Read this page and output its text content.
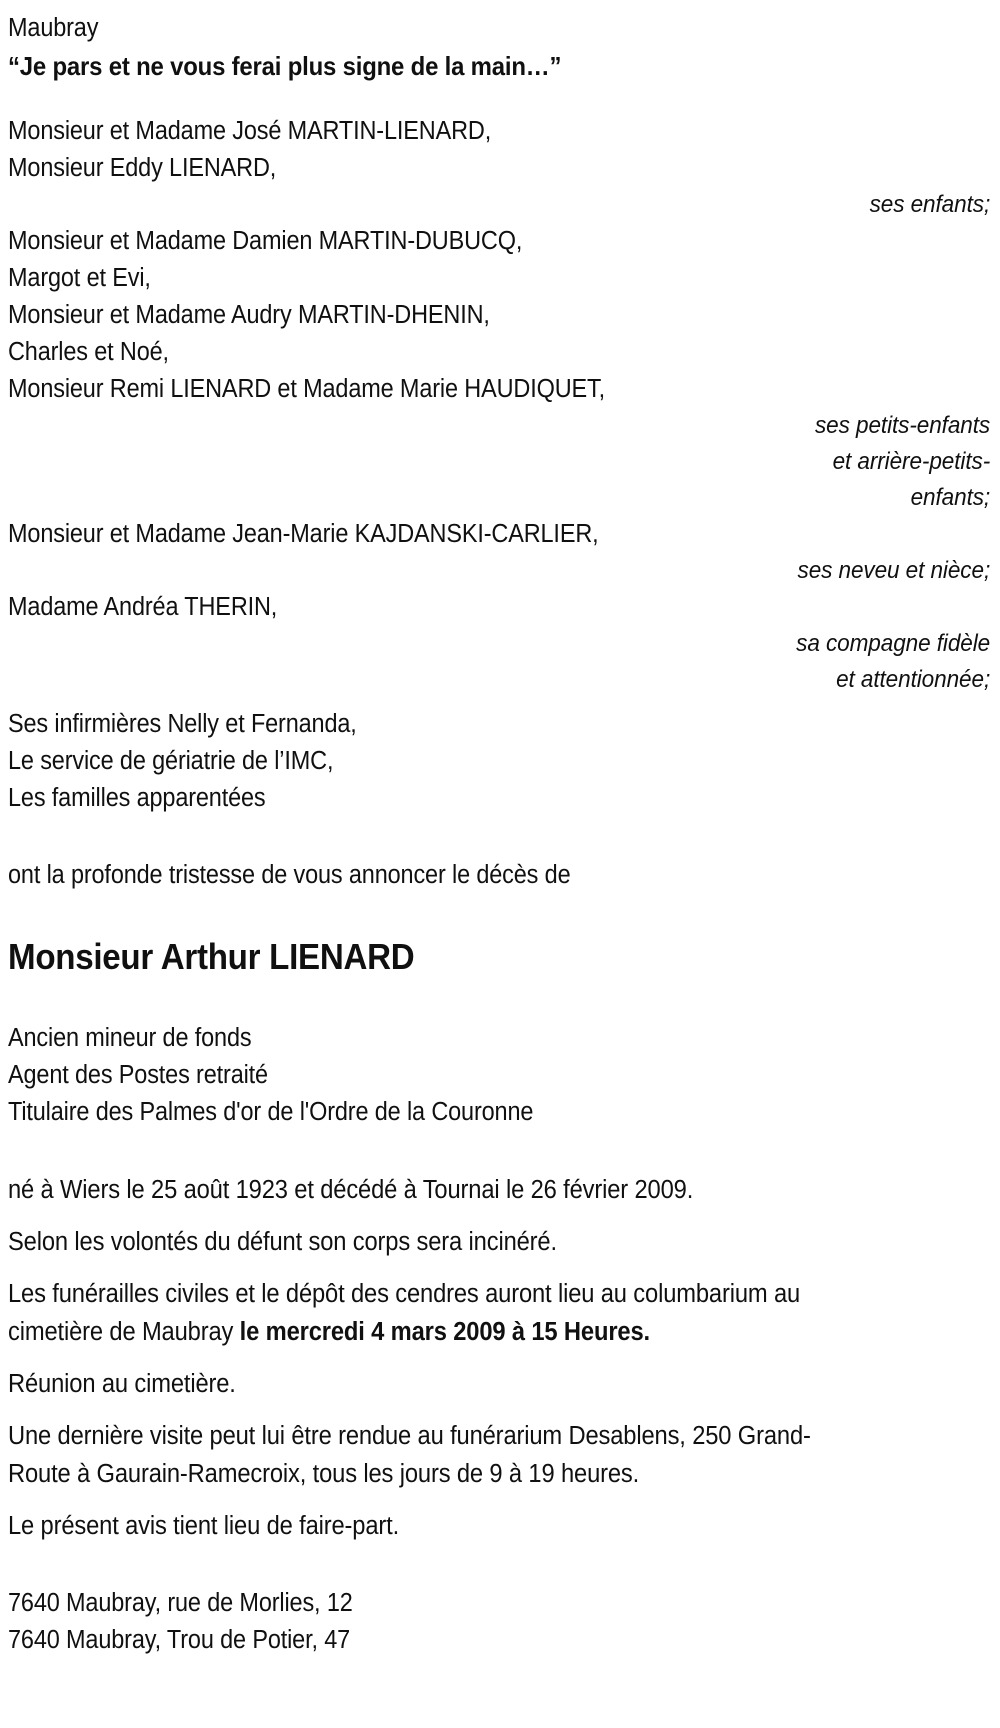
Maubray
“Je pars et ne vous ferai plus signe de la main…”
Monsieur et Madame José MARTIN-LIENARD,
Monsieur Eddy LIENARD,
ses enfants;
Monsieur et Madame Damien MARTIN-DUBUCQ,
Margot et Evi,
Monsieur et Madame Audry MARTIN-DHENIN,
Charles et Noé,
Monsieur Remi LIENARD et Madame Marie HAUDIQUET,
ses petits-enfants
et arrière-petits-
enfants;
Monsieur et Madame Jean-Marie KAJDANSKI-CARLIER,
ses neveu et nièce;
Madame Andréa THERIN,
sa compagne fidèle
et attentionnée;
Ses infirmières Nelly et Fernanda,
Le service de gériatrie de l’IMC,
Les familles apparentées
ont la profonde tristesse de vous annoncer le décès de
Monsieur Arthur LIENARD
Ancien mineur de fonds
Agent des Postes retraité
Titulaire des Palmes d'or de l'Ordre de la Couronne
né à Wiers le 25 août 1923 et décédé à Tournai le 26 février 2009.
Selon les volontés du défunt son corps sera incinéré.
Les funérailles civiles et le dépôt des cendres auront lieu au columbarium au cimetière de Maubray le mercredi 4 mars 2009 à 15 Heures.
Réunion au cimetière.
Une dernière visite peut lui être rendue au funérarium Desablens, 250 Grand-Route à Gaurain-Ramecroix, tous les jours de 9 à 19 heures.
Le présent avis tient lieu de faire-part.
7640 Maubray, rue de Morlies, 12
7640 Maubray, Trou de Potier, 47
